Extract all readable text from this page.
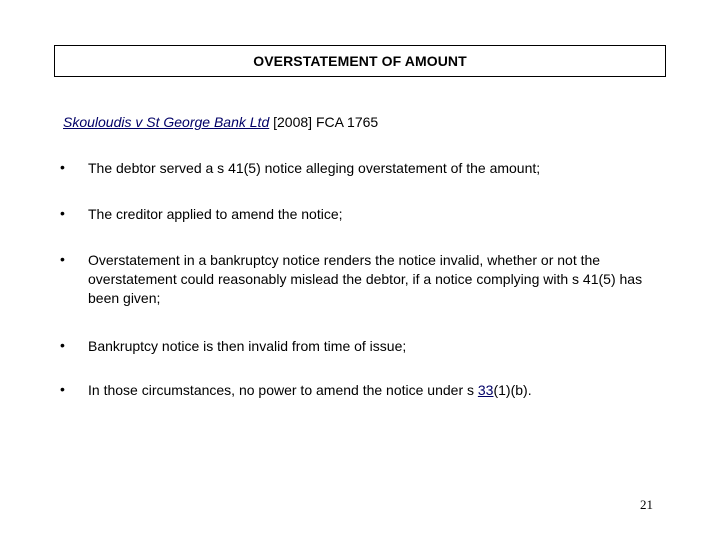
OVERSTATEMENT OF AMOUNT
Skouloudis v St George Bank Ltd [2008] FCA 1765
• The debtor served a s 41(5) notice alleging overstatement of the amount;
• The creditor applied to amend the notice;
• Overstatement in a bankruptcy notice renders the notice invalid, whether or not the overstatement could reasonably mislead the debtor, if a notice complying with s 41(5) has been given;
• Bankruptcy notice is then invalid from time of issue;
• In those circumstances, no power to amend the notice under s 33(1)(b).
21
